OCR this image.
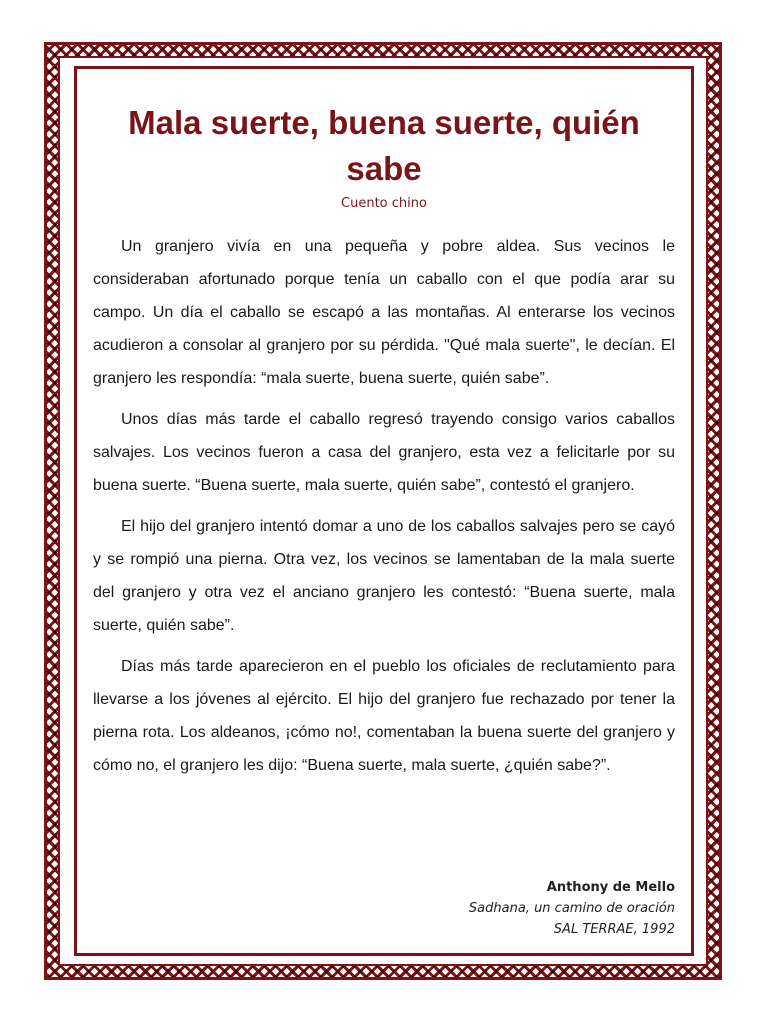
Mala suerte, buena suerte, quién sabe
Cuento chino

Un granjero vivía en una pequeña y pobre aldea. Sus vecinos le consideraban afortunado porque tenía un caballo con el que podía arar su campo. Un día el caballo se escapó a las montañas. Al enterarse los vecinos acudieron a consolar al granjero por su pérdida. "Qué mala suerte", le decían. El granjero les respondía: “mala suerte, buena suerte, quién sabe”.

Unos días más tarde el caballo regresó trayendo consigo varios caballos salvajes. Los vecinos fueron a casa del granjero, esta vez a felicitarle por su buena suerte. “Buena suerte, mala suerte, quién sabe”, contestó el granjero.

El hijo del granjero intentó domar a uno de los caballos salvajes pero se cayó y se rompió una pierna. Otra vez, los vecinos se lamentaban de la mala suerte del granjero y otra vez el anciano granjero les contestó: “Buena suerte, mala suerte, quién sabe”.

Días más tarde aparecieron en el pueblo los oficiales de reclutamiento para llevarse a los jóvenes al ejército. El hijo del granjero fue rechazado por tener la pierna rota. Los aldeanos, ¡cómo no!, comentaban la buena suerte del granjero y cómo no, el granjero les dijo: “Buena suerte, mala suerte, ¿quién sabe?”.

Anthony de Mello
Sadhana, un camino de oración
SAL TERRAE, 1992
